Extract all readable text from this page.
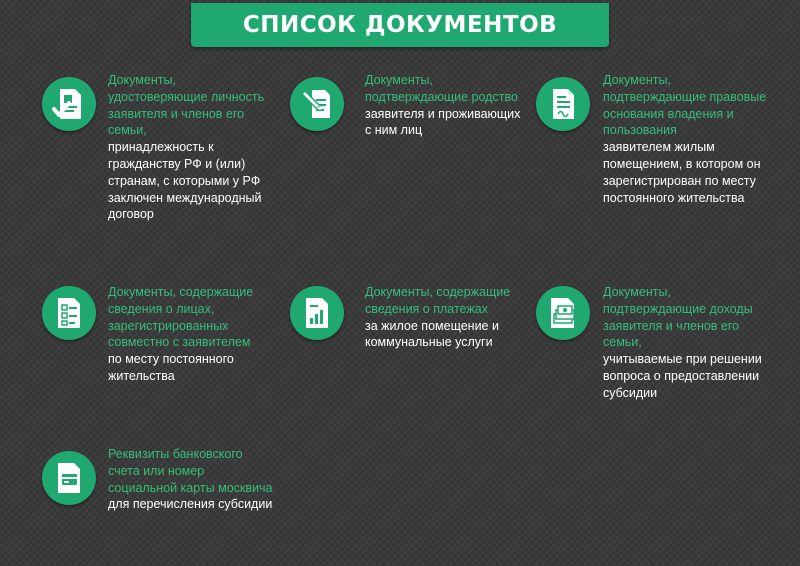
СПИСОК ДОКУМЕНТОВ
Документы, удостоверяющие личность заявителя и членов его семьи,
принадлежность к гражданству РФ и (или) странам, с которыми у РФ заключен международный договор
Документы, подтверждающие родство
заявителя и проживающих с ним лиц
Документы, подтверждающие правовые основания владения и пользования
заявителем жилым помещением, в котором он зарегистрирован по месту постоянного жительства
Документы, содержащие сведения о лицах, зарегистрированных совместно с заявителем
по месту постоянного жительства
Документы, содержащие сведения о платежах
за жилое помещение и коммунальные услуги
Документы, подтверждающие доходы заявителя и членов его семьи,
учитываемые при решении вопроса о предоставлении субсидии
Реквизиты банковского счета или номер социальной карты москвича
для перечисления субсидии
